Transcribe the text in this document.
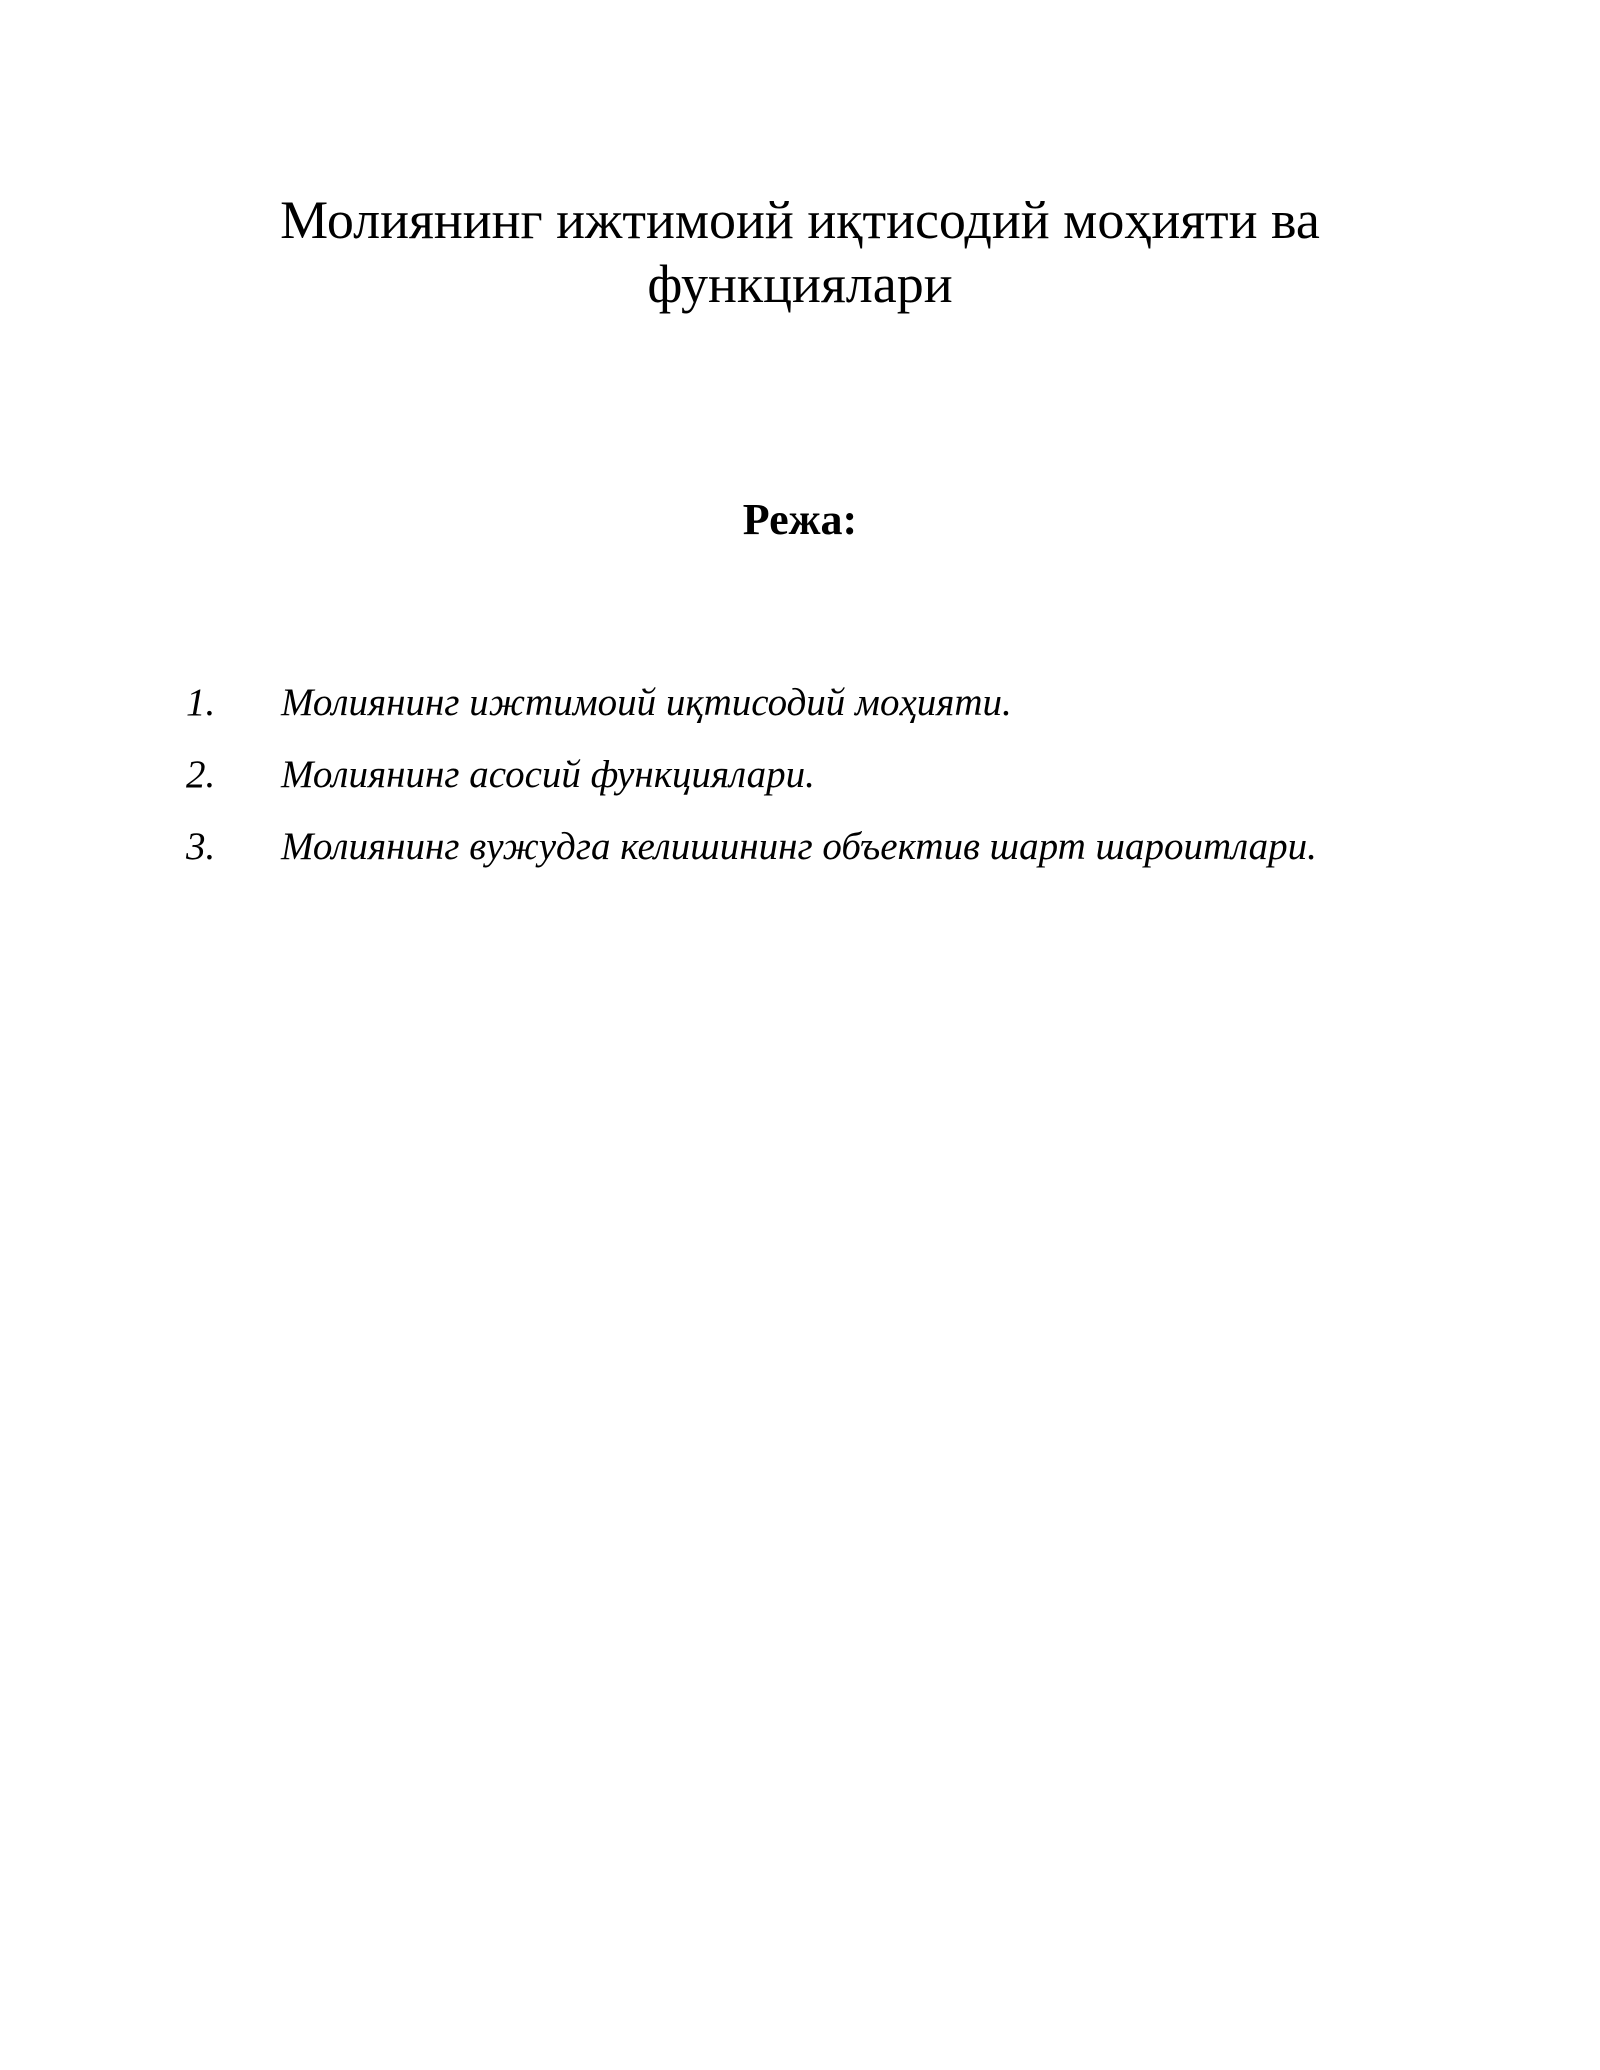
Молиянинг ижтимоий иқтисодий моҳияти ва функциялари
Режа:
1.	Молиянинг ижтимоий иқтисодий моҳияти.
2.	Молиянинг асосий функциялари.
3.	Молиянинг вужудга келишининг объектив шарт шароитлари.
